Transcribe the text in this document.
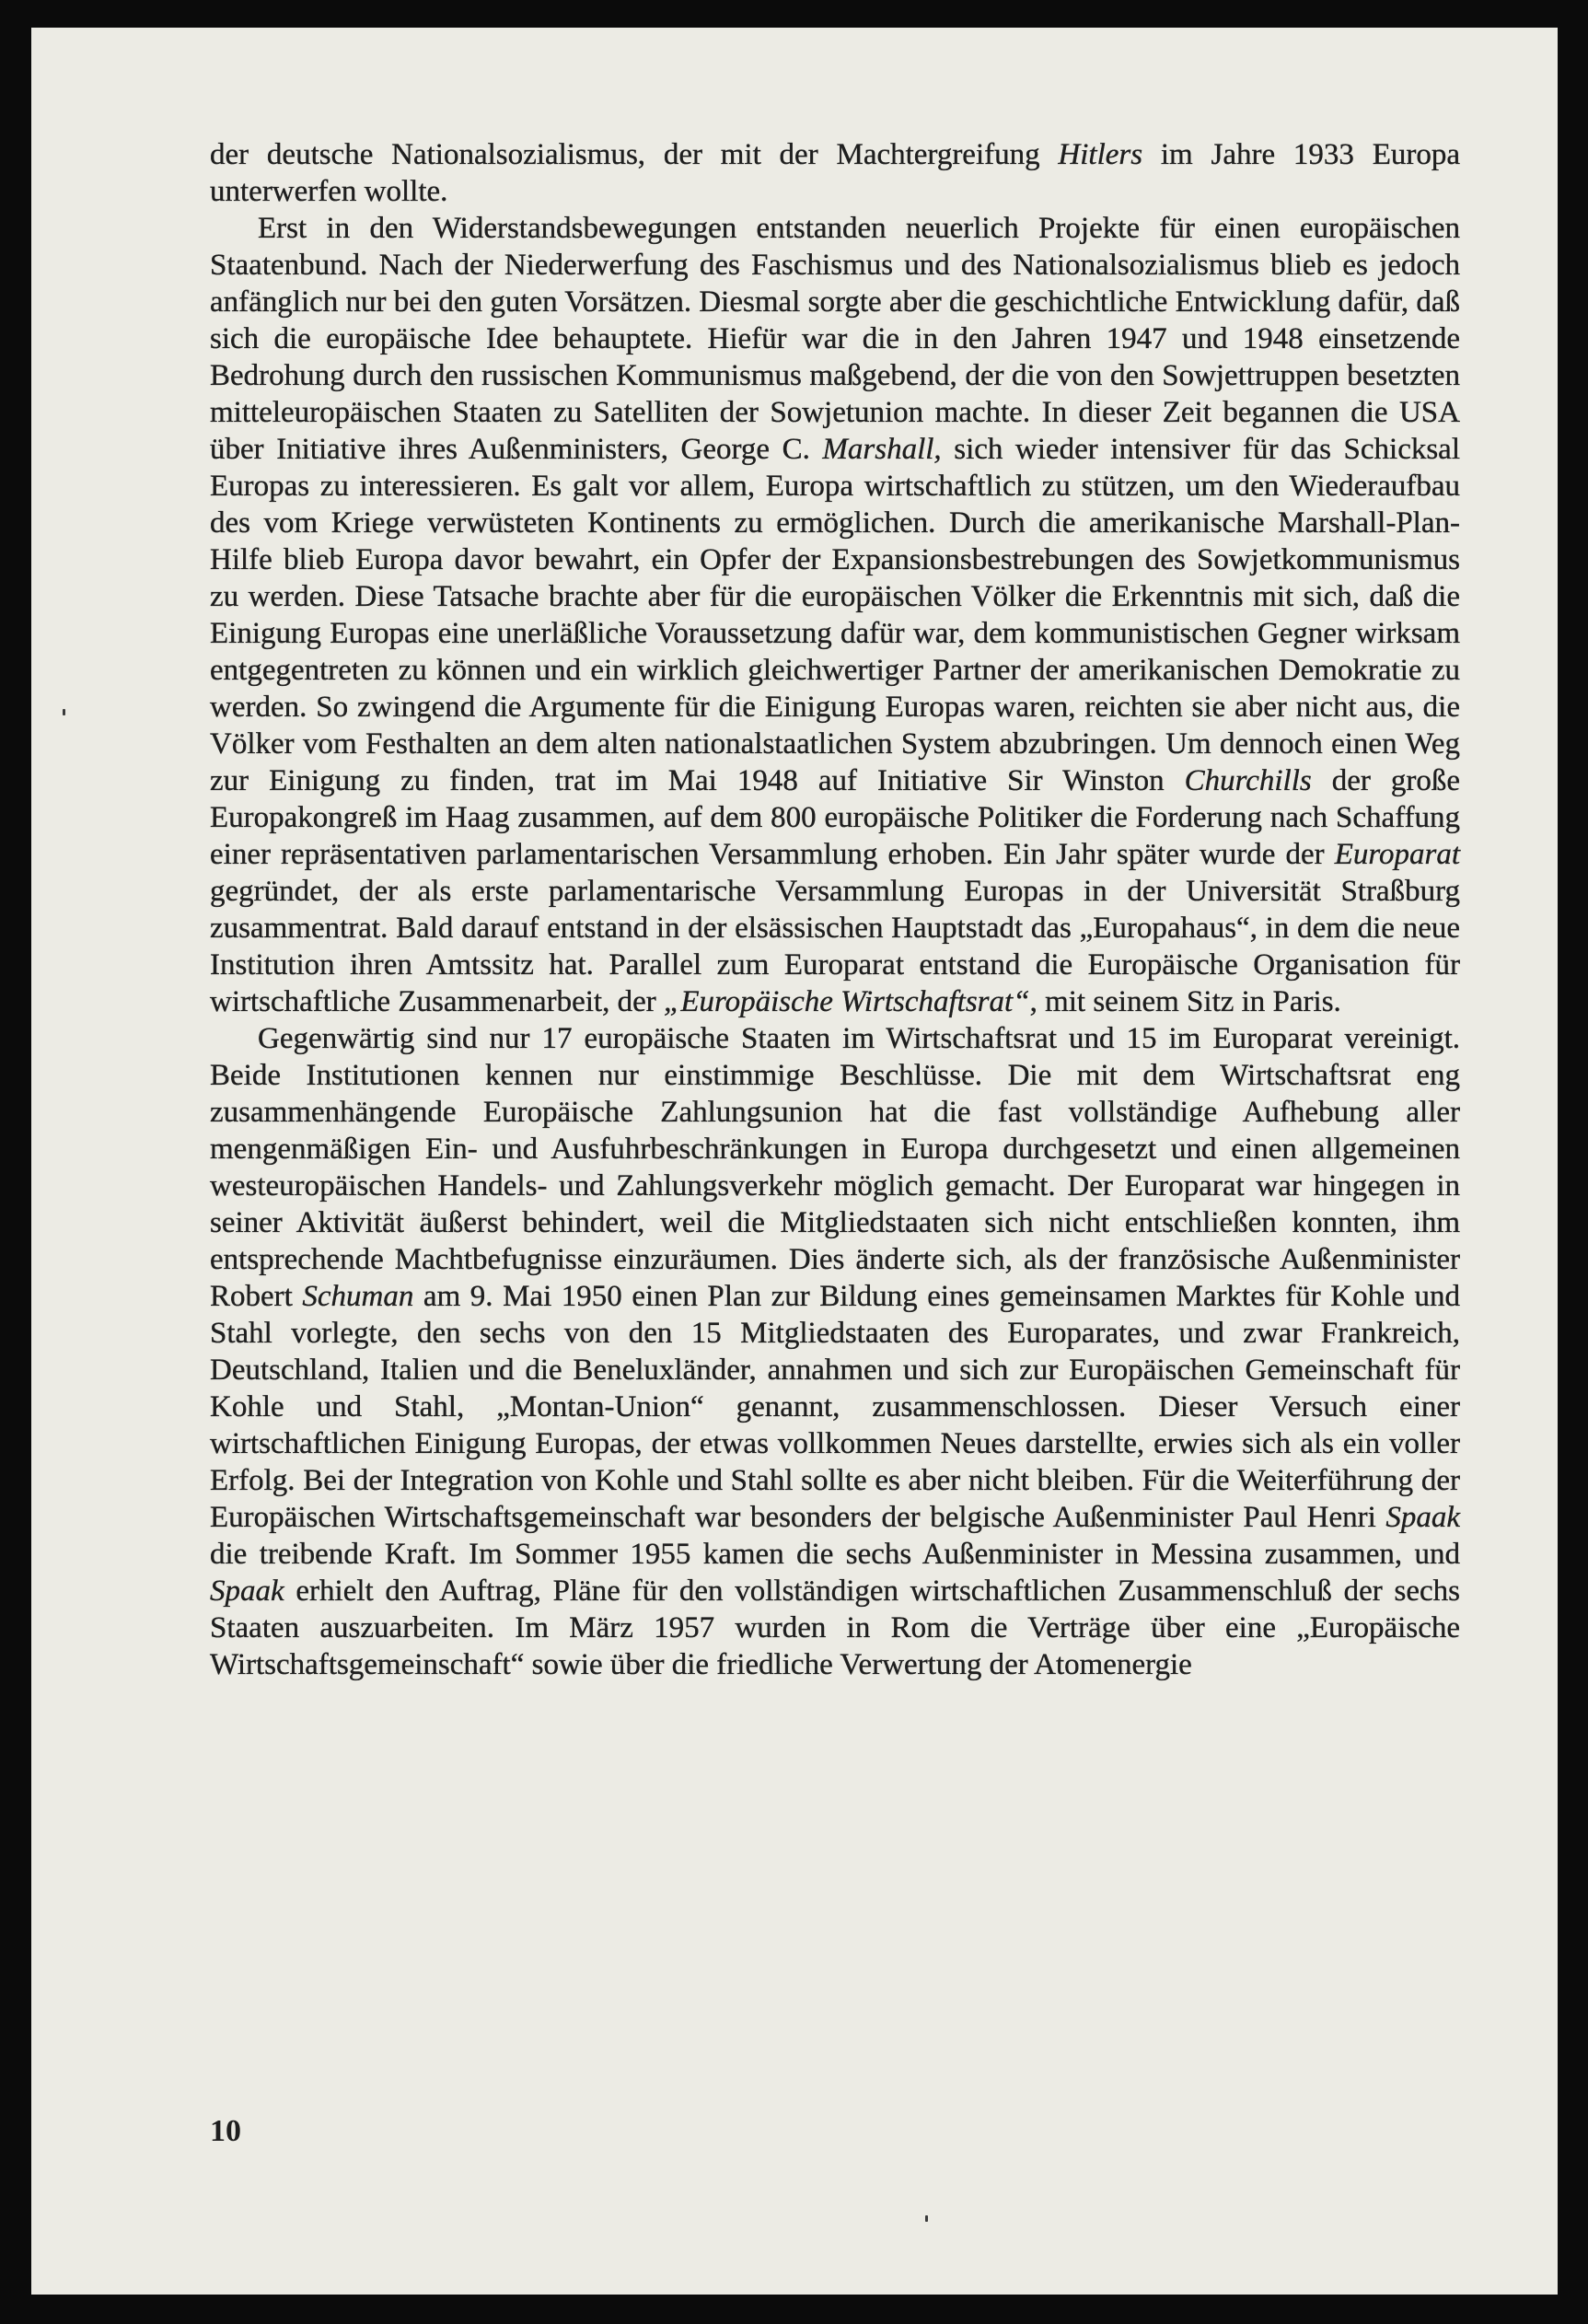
der deutsche Nationalsozialismus, der mit der Machtergreifung Hitlers im Jahre 1933 Europa unterwerfen wollte.

Erst in den Widerstandsbewegungen entstanden neuerlich Projekte für einen europäischen Staatenbund. Nach der Niederwerfung des Faschismus und des Nationalsozialismus blieb es jedoch anfänglich nur bei den guten Vorsätzen. Diesmal sorgte aber die geschichtliche Entwicklung dafür, daß sich die europäische Idee behauptete. Hiefür war die in den Jahren 1947 und 1948 einsetzende Bedrohung durch den russischen Kommunismus maßgebend, der die von den Sowjettruppen besetzten mitteleuropäischen Staaten zu Satelliten der Sowjetunion machte. In dieser Zeit begannen die USA über Initiative ihres Außenministers, George C. Marshall, sich wieder intensiver für das Schicksal Europas zu interessieren. Es galt vor allem, Europa wirtschaftlich zu stützen, um den Wiederaufbau des vom Kriege verwüsteten Kontinents zu ermöglichen. Durch die amerikanische Marshall-Plan-Hilfe blieb Europa davor bewahrt, ein Opfer der Expansionsbestrebungen des Sowjetkommunismus zu werden. Diese Tatsache brachte aber für die europäischen Völker die Erkenntnis mit sich, daß die Einigung Europas eine unerläßliche Voraussetzung dafür war, dem kommunistischen Gegner wirksam entgegentreten zu können und ein wirklich gleichwertiger Partner der amerikanischen Demokratie zu werden. So zwingend die Argumente für die Einigung Europas waren, reichten sie aber nicht aus, die Völker vom Festhalten an dem alten nationalstaatlichen System abzubringen. Um dennoch einen Weg zur Einigung zu finden, trat im Mai 1948 auf Initiative Sir Winston Churchills der große Europakongreß im Haag zusammen, auf dem 800 europäische Politiker die Forderung nach Schaffung einer repräsentativen parlamentarischen Versammlung erhoben. Ein Jahr später wurde der Europarat gegründet, der als erste parlamentarische Versammlung Europas in der Universität Straßburg zusammentrat. Bald darauf entstand in der elsässischen Hauptstadt das „Europahaus“, in dem die neue Institution ihren Amtssitz hat. Parallel zum Europarat entstand die Europäische Organisation für wirtschaftliche Zusammenarbeit, der „Europäische Wirtschaftsrat“, mit seinem Sitz in Paris.

Gegenwärtig sind nur 17 europäische Staaten im Wirtschaftsrat und 15 im Europarat vereinigt. Beide Institutionen kennen nur einstimmige Beschlüsse. Die mit dem Wirtschaftsrat eng zusammenhängende Europäische Zahlungsunion hat die fast vollständige Aufhebung aller mengenmäßigen Ein- und Ausfuhrbeschränkungen in Europa durchgesetzt und einen allgemeinen westeuropäischen Handels- und Zahlungsverkehr möglich gemacht. Der Europarat war hingegen in seiner Aktivität äußerst behindert, weil die Mitgliedstaaten sich nicht entschließen konnten, ihm entsprechende Machtbefugnisse einzuräumen. Dies änderte sich, als der französische Außenminister Robert Schuman am 9. Mai 1950 einen Plan zur Bildung eines gemeinsamen Marktes für Kohle und Stahl vorlegte, den sechs von den 15 Mitgliedstaaten des Europarates, und zwar Frankreich, Deutschland, Italien und die Beneluxländer, annahmen und sich zur Europäischen Gemeinschaft für Kohle und Stahl, „Montan-Union“ genannt, zusammenschlossen. Dieser Versuch einer wirtschaftlichen Einigung Europas, der etwas vollkommen Neues darstellte, erwies sich als ein voller Erfolg. Bei der Integration von Kohle und Stahl sollte es aber nicht bleiben. Für die Weiterführung der Europäischen Wirtschaftsgemeinschaft war besonders der belgische Außenminister Paul Henri Spaak die treibende Kraft. Im Sommer 1955 kamen die sechs Außenminister in Messina zusammen, und Spaak erhielt den Auftrag, Pläne für den vollständigen wirtschaftlichen Zusammenschluß der sechs Staaten auszuarbeiten. Im März 1957 wurden in Rom die Verträge über eine „Europäische Wirtschaftsgemeinschaft“ sowie über die friedliche Verwertung der Atomenergie

10
